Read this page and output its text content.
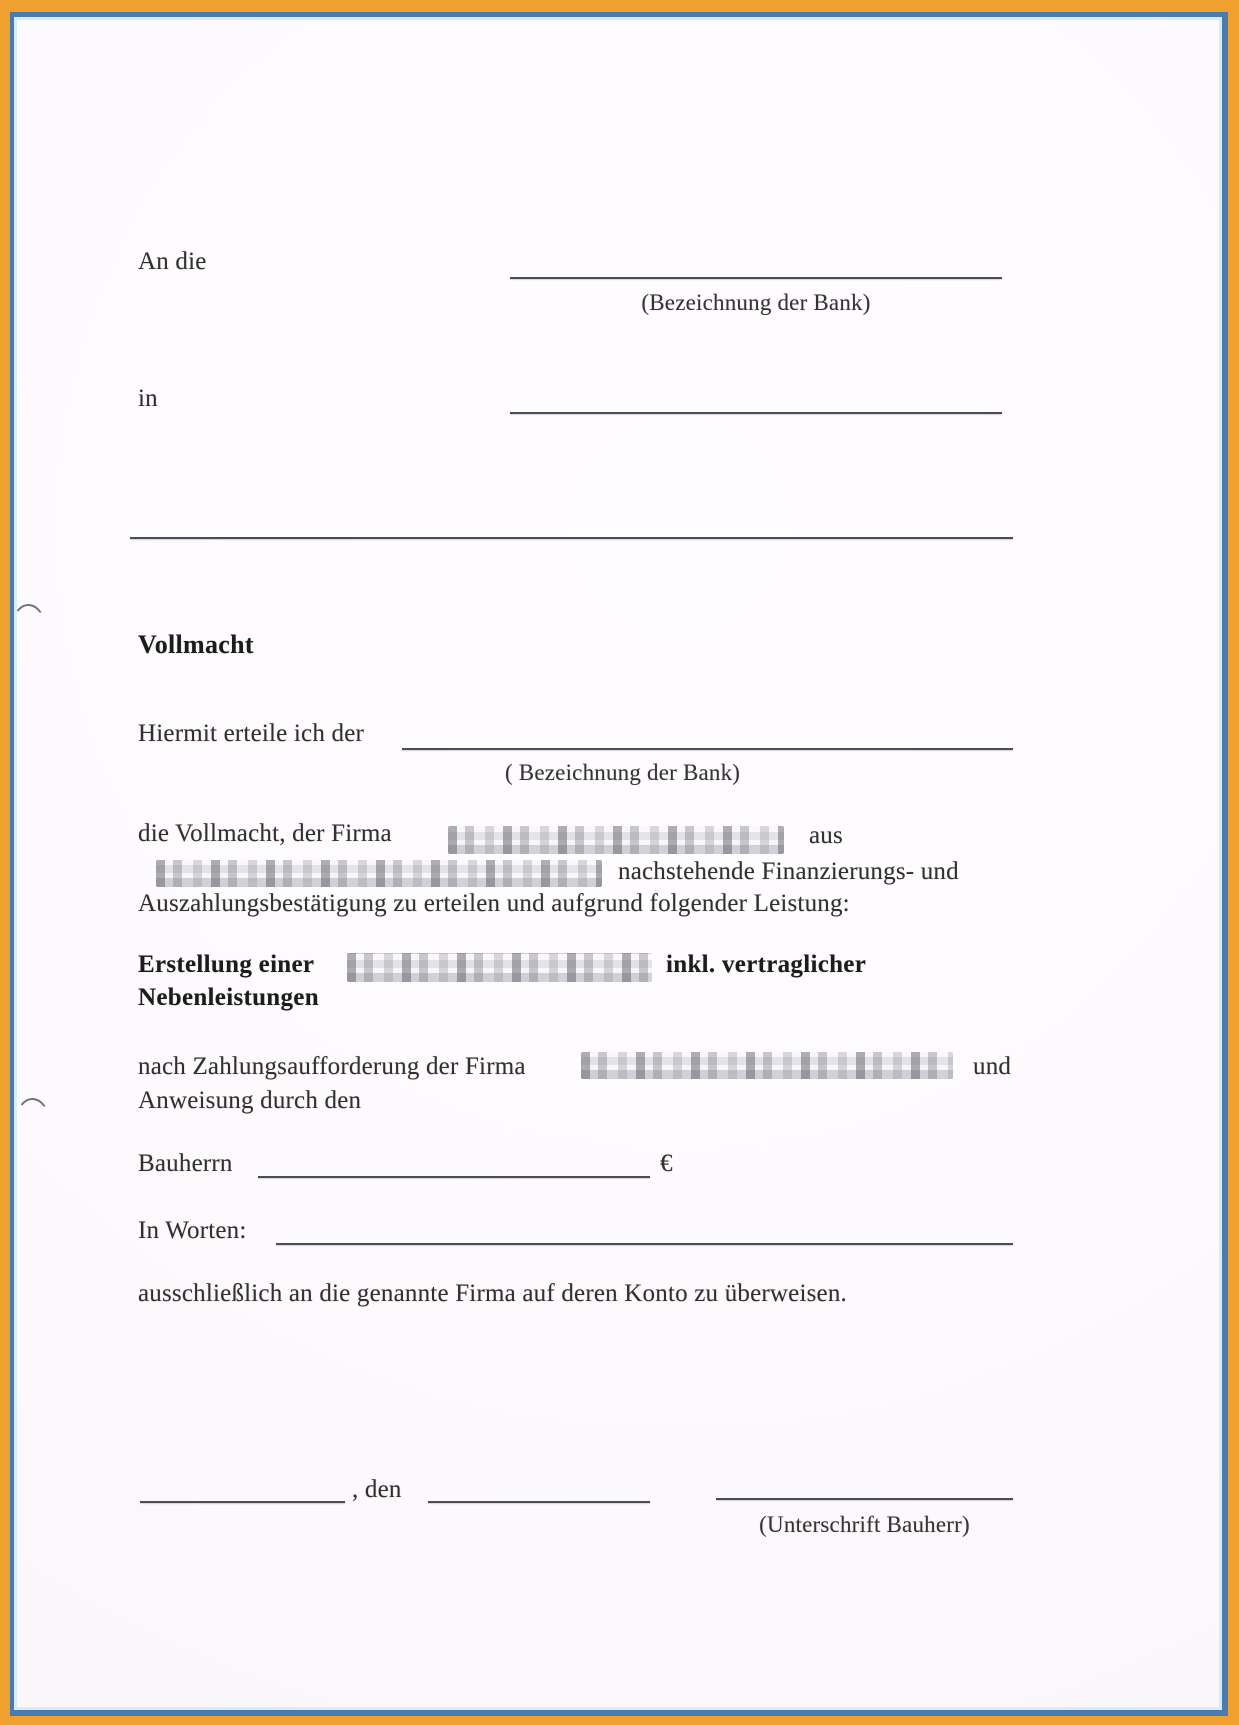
An die
(Bezeichnung der Bank)
in
Vollmacht
Hiermit erteile ich der
( Bezeichnung der Bank)
die Vollmacht, der Firma	aus
nachstehende Finanzierungs- und
Auszahlungsbestätigung zu erteilen und aufgrund folgender Leistung:
Erstellung einer	inkl. vertraglicher
Nebenleistungen
nach Zahlungsaufforderung der Firma	und
Anweisung durch den
Bauherrn	€
In Worten:
ausschließlich an die genannte Firma auf deren Konto zu überweisen.
, den
(Unterschrift Bauherr)
